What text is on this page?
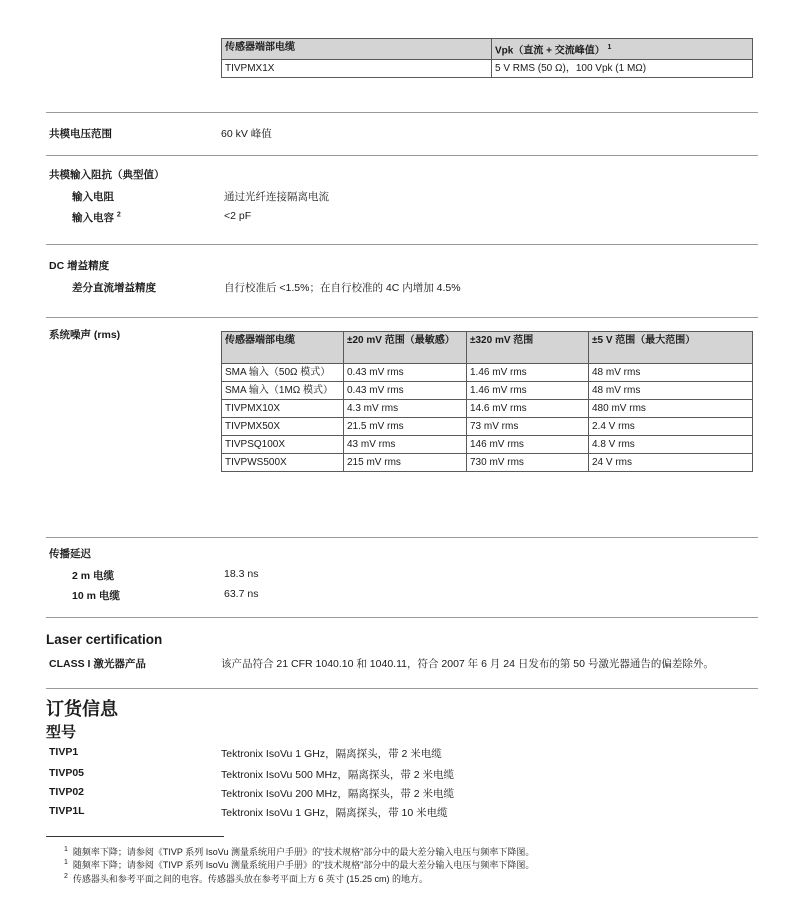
传感器端部电缆	Vpk（直流 + 交流峰值） $^1$
TIVPMX1X	5 V RMS (50 Ω)，100 Vpk (1 MΩ)
共模电压范围	60 kV 峰值
共模输入阻抗（典型值）
输入电阻	通过光纤连接隔离电流
输入电容 $^2$	<2 pF
DC 增益精度
差分直流增益精度	自行校准后 <1.5%；在自行校准的 4C 内增加 4.5%
系统噪声 (rms)	传感器端部电缆	±20 mV 范围（最敏感）	±320 mV 范围	±5 V 范围（最大范围）
SMA 输入（50Ω 模式）	0.43 mV rms	1.46 mV rms	48 mV rms
SMA 输入（1MΩ 模式）	0.43 mV rms	1.46 mV rms	48 mV rms
TIVPMX10X	4.3 mV rms	14.6 mV rms	480 mV rms
TIVPMX50X	21.5 mV rms	73 mV rms	2.4 V rms
TIVPSQ100X	43 mV rms	146 mV rms	4.8 V rms
TIVPWS500X	215 mV rms	730 mV rms	24 V rms
传播延迟
2 m 电缆	18.3 ns
10 m 电缆	63.7 ns
Laser certification
CLASS I 激光器产品	该产品符合 21 CFR 1040.10 和 1040.11，符合 2007 年 6 月 24 日发布的第 50 号激光器通告的偏差除外。
订货信息
型号
TIVP1	Tektronix IsoVu 1 GHz，隔离探头，带 2 米电缆
TIVP05	Tektronix IsoVu 500 MHz，隔离探头，带 2 米电缆
TIVP02	Tektronix IsoVu 200 MHz，隔离探头，带 2 米电缆
TIVP1L	Tektronix IsoVu 1 GHz，隔离探头，带 10 米电缆
$^1$ 随频率下降；请参阅《TIVP 系列 IsoVu 测量系统用户手册》的"技术规格"部分中的最大差分输入电压与频率下降图。
$^1$ 随频率下降；请参阅《TIVP 系列 IsoVu 测量系统用户手册》的"技术规格"部分中的最大差分输入电压与频率下降图。
$^2$ 传感器头和参考平面之间的电容。传感器头放在参考平面上方 6 英寸 (15.25 cm) 的地方。
